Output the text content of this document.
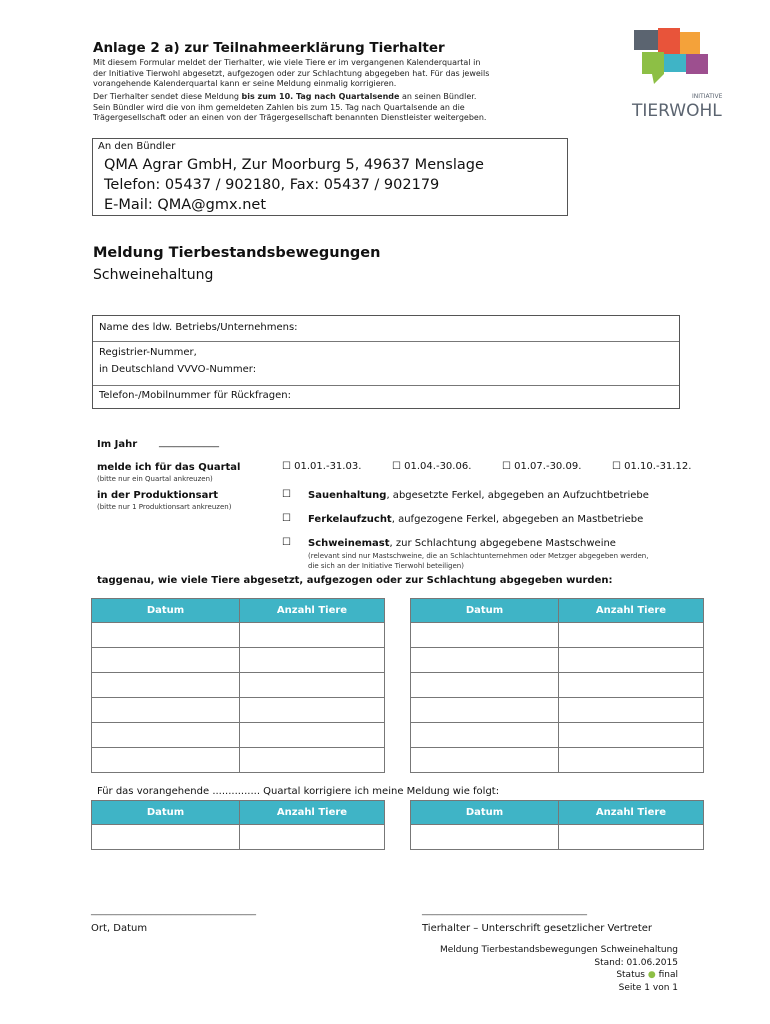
Anlage 2 a) zur Teilnahmeerklärung Tierhalter
Mit diesem Formular meldet der Tierhalter, wie viele Tiere er im vergangenen Kalenderquartal in
der Initiative Tierwohl abgesetzt, aufgezogen oder zur Schlachtung abgegeben hat. Für das jeweils
vorangehende Kalenderquartal kann er seine Meldung einmalig korrigieren.
Der Tierhalter sendet diese Meldung bis zum 10. Tag nach Quartalsende an seinen Bündler.
Sein Bündler wird die von ihm gemeldeten Zahlen bis zum 15. Tag nach Quartalsende an die
Trägergesellschaft oder an einen von der Trägergesellschaft benannten Dienstleister weitergeben.
INITIATIVE
TIERWOHL
An den Bündler
QMA Agrar GmbH, Zur Moorburg 5, 49637 Menslage
Telefon: 05437 / 902180, Fax: 05437 / 902179
E-Mail: QMA@gmx.net
Meldung Tierbestandsbewegungen
Schweinehaltung
Name des ldw. Betriebs/Unternehmens:
Registrier-Nummer,
in Deutschland VVVO-Nummer:
Telefon-/Mobilnummer für Rückfragen:
Im Jahr ____________
melde ich für das Quartal
(bitte nur ein Quartal ankreuzen)
☐ 01.01.-31.03.	☐ 01.04.-30.06.	☐ 01.07.-30.09.	☐ 01.10.-31.12.
in der Produktionsart
(bitte nur 1 Produktionsart ankreuzen)
☐ Sauenhaltung, abgesetzte Ferkel, abgegeben an Aufzuchtbetriebe
☐ Ferkelaufzucht, aufgezogene Ferkel, abgegeben an Mastbetriebe
☐ Schweinemast, zur Schlachtung abgegebene Mastschweine
(relevant sind nur Mastschweine, die an Schlachtunternehmen oder Metzger abgegeben werden,
die sich an der Initiative Tierwohl beteiligen)
taggenau, wie viele Tiere abgesetzt, aufgezogen oder zur Schlachtung abgegeben wurden:
Datum	Anzahl Tiere

		Datum	Anzahl Tiere

Für das vorangehende ............... Quartal korrigiere ich meine Meldung wie folgt:
Datum	Anzahl Tiere
		Datum	Anzahl Tiere

_________________________________	_________________________________
Ort, Datum	Tierhalter – Unterschrift gesetzlicher Vertreter
Meldung Tierbestandsbewegungen Schweinehaltung
Stand: 01.06.2015
Status ● final
Seite 1 von 1
